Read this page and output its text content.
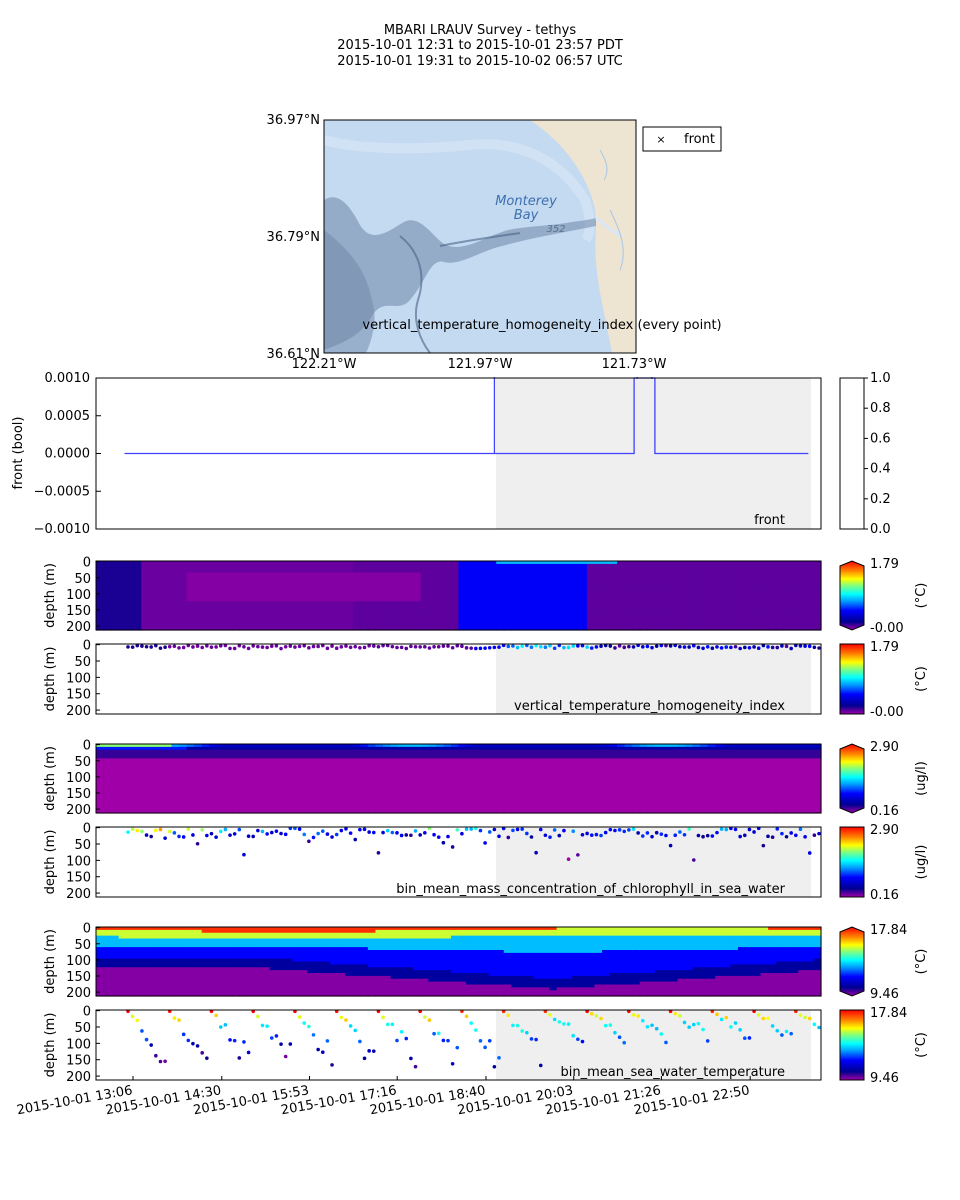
MBARI LRAUV Survey - tethys
2015-10-01 12:31 to 2015-10-01 23:57 PDT
2015-10-01 19:31 to 2015-10-02 06:57 UTC
Monterey
Bay
352
vertical_temperature_homogeneity_index (every point)
36.97°N
36.79°N
36.61°N
122.21°W	121.97°W	121.73°W
× front
0.0010
0.0005
0.0000
−0.0005
−0.0010
front
front (bool)
1.0
0.8
0.6
0.4
0.2
0.0
0
50
100
150
200
depth (m)	1.79
-0.00
(°C)
vertical_temperature_homogeneity_index
0
50
100
150
200
depth (m)	1.79
-0.00
(°C)
0
50
100
150
200
depth (m)	2.90
0.16
(ug/l)
bin_mean_mass_concentration_of_chlorophyll_in_sea_water
0
50
100
150
200
depth (m)	2.90
0.16
(ug/l)
0
50
100
150
200
depth (m)	17.84
9.46
(°C)
bin_mean_sea_water_temperature
0
50
100
150
200
depth (m)	17.84
9.46
(°C)
2015-10-01 13:06
2015-10-01 14:30
2015-10-01 15:53
2015-10-01 17:16
2015-10-01 18:40
2015-10-01 20:03
2015-10-01 21:26
2015-10-01 22:50
